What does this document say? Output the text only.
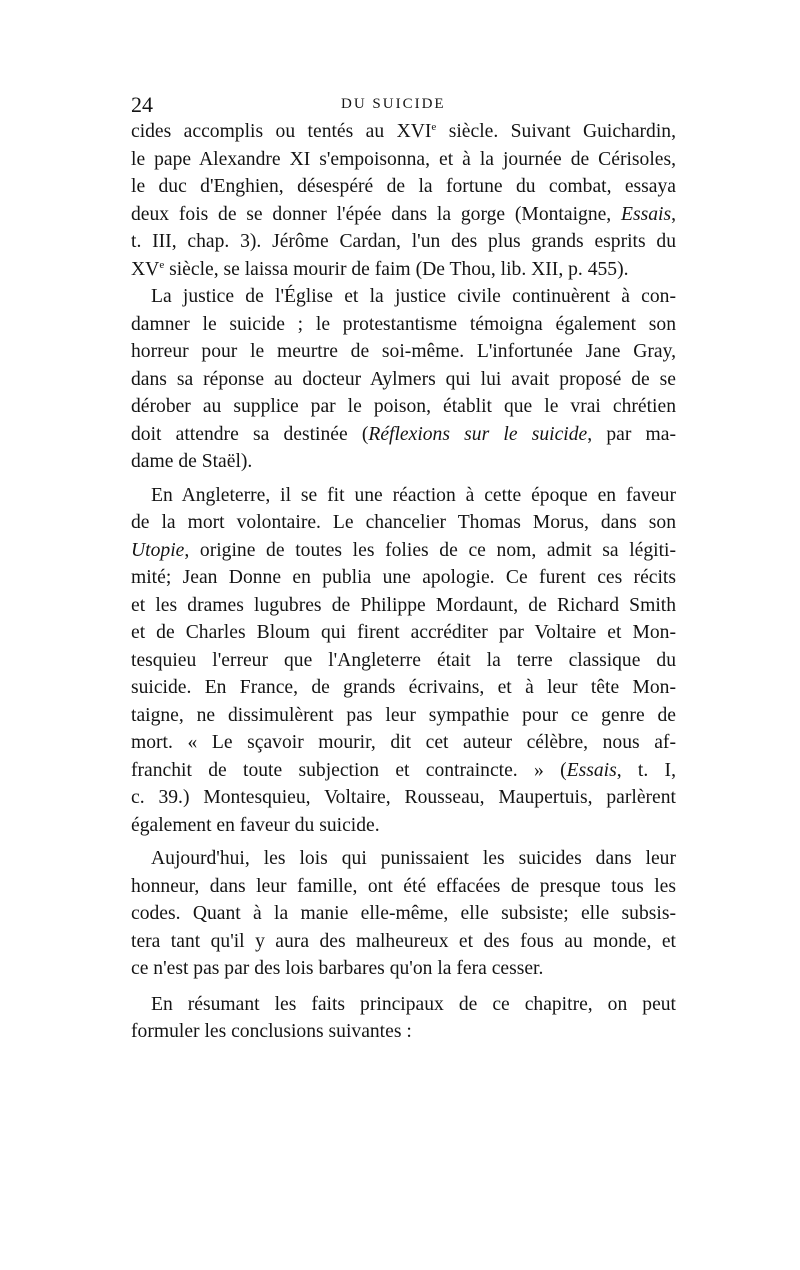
24	DU SUICIDE
cides accomplis ou tentés au XVIe siècle. Suivant Guichardin,
le pape Alexandre XI s'empoisonna, et à la journée de Cérisoles,
le duc d'Enghien, désespéré de la fortune du combat, essaya
deux fois de se donner l'épée dans la gorge (Montaigne, Essais,
t. III, chap. 3). Jérôme Cardan, l'un des plus grands esprits du
XVe siècle, se laissa mourir de faim (De Thou, lib. XII, p. 455).
La justice de l'Église et la justice civile continuèrent à con-
damner le suicide ; le protestantisme témoigna également son
horreur pour le meurtre de soi-même. L'infortunée Jane Gray,
dans sa réponse au docteur Aylmers qui lui avait proposé de se
dérober au supplice par le poison, établit que le vrai chrétien
doit attendre sa destinée (Réflexions sur le suicide, par ma-
dame de Staël).
En Angleterre, il se fit une réaction à cette époque en faveur
de la mort volontaire. Le chancelier Thomas Morus, dans son
Utopie, origine de toutes les folies de ce nom, admit sa légiti-
mité; Jean Donne en publia une apologie. Ce furent ces récits
et les drames lugubres de Philippe Mordaunt, de Richard Smith
et de Charles Bloum qui firent accréditer par Voltaire et Mon-
tesquieu l'erreur que l'Angleterre était la terre classique du
suicide. En France, de grands écrivains, et à leur tête Mon-
taigne, ne dissimulèrent pas leur sympathie pour ce genre de
mort. « Le sçavoir mourir, dit cet auteur célèbre, nous af-
franchit de toute subjection et contraincte. » (Essais, t. I,
c. 39.) Montesquieu, Voltaire, Rousseau, Maupertuis, parlèrent
également en faveur du suicide.
Aujourd'hui, les lois qui punissaient les suicides dans leur
honneur, dans leur famille, ont été effacées de presque tous les
codes. Quant à la manie elle-même, elle subsiste; elle subsis-
tera tant qu'il y aura des malheureux et des fous au monde, et
ce n'est pas par des lois barbares qu'on la fera cesser.
En résumant les faits principaux de ce chapitre, on peut
formuler les conclusions suivantes :
